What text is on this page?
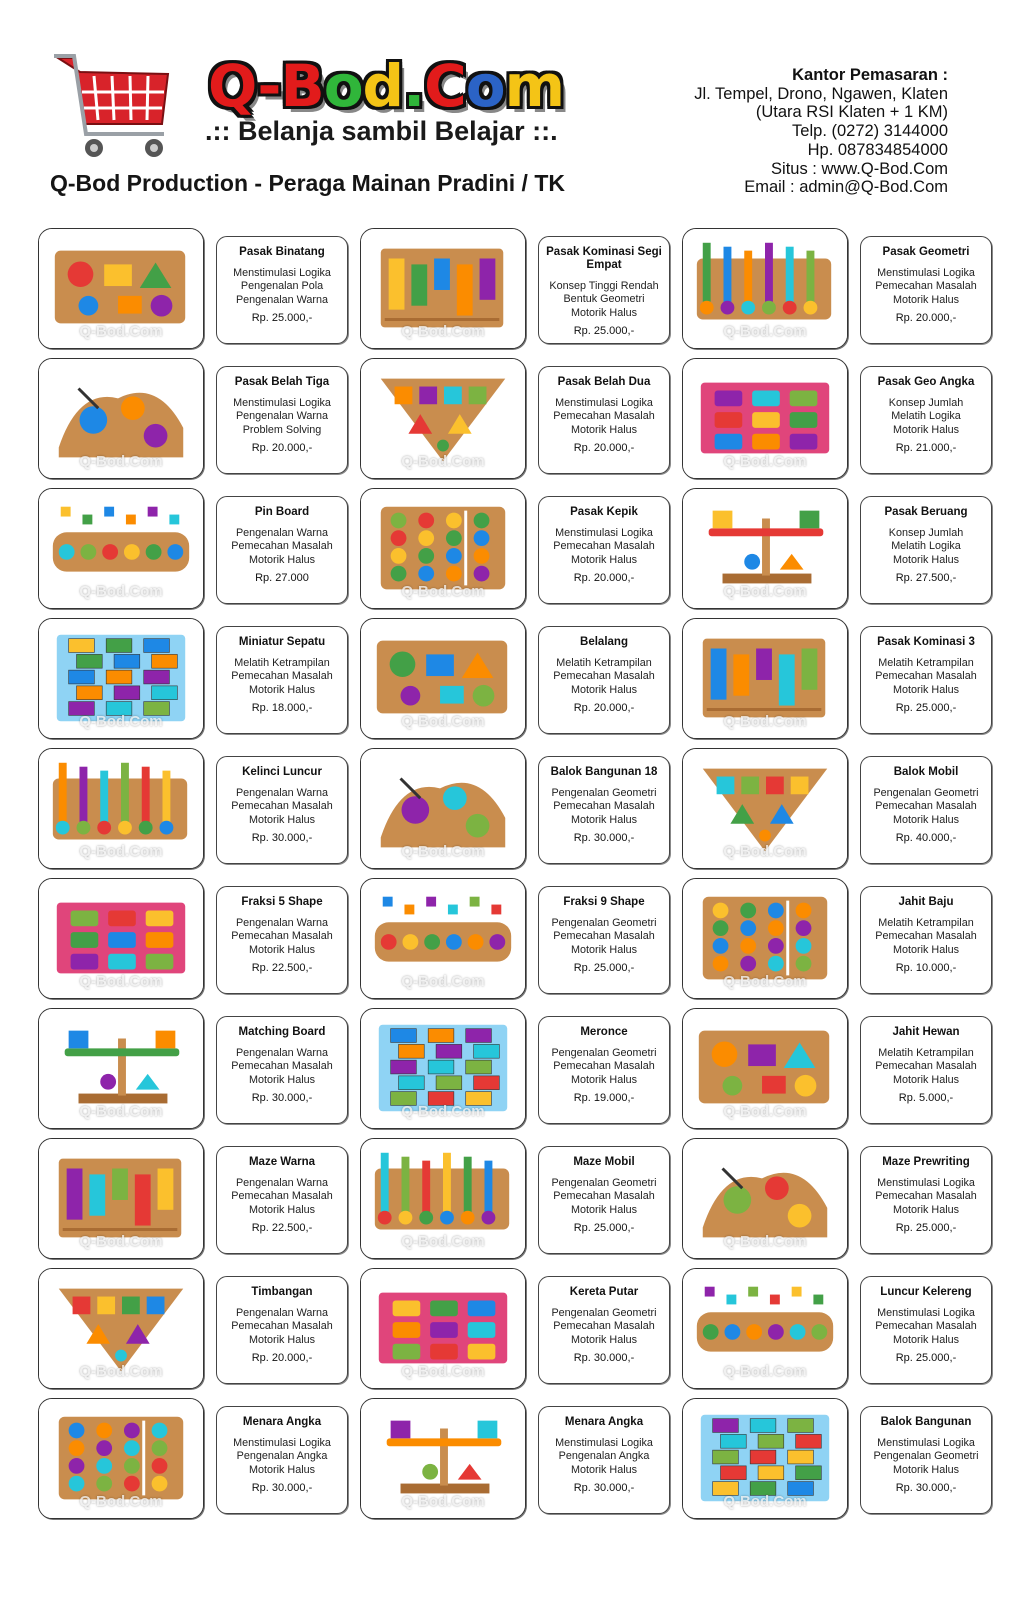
Q-Bod.Com
.:: Belanja sambil Belajar ::.
Q-Bod Production - Peraga Mainan Pradini / TK
Kantor Pemasaran :
Jl. Tempel, Drono, Ngawen, Klaten
(Utara RSI Klaten + 1 KM)
Telp. (0272) 3144000
Hp. 087834854000
Situs : www.Q-Bod.Com
Email : admin@Q-Bod.Com
Q-Bod.Com
Pasak Binatang
Menstimulasi Logika
Pengenalan Pola
Pengenalan Warna
Rp. 25.000,-
Q-Bod.Com
Pasak Kominasi Segi Empat
Konsep Tinggi Rendah
Bentuk Geometri
Motorik Halus
Rp. 25.000,-	Q-Bod.Com
Pasak Geometri
Menstimulasi Logika
Pemecahan Masalah
Motorik Halus
Rp. 20.000,-
Q-Bod.Com
Pasak Belah Tiga
Menstimulasi Logika
Pengenalan Warna
Problem Solving
Rp. 20.000,-
Q-Bod.Com
Pasak Belah Dua
Menstimulasi Logika
Pemecahan Masalah
Motorik Halus
Rp. 20.000,-
Q-Bod.Com
Pasak Geo Angka
Konsep Jumlah
Melatih Logika
Motorik Halus
Rp. 21.000,-
Q-Bod.Com
Pin Board
Pengenalan Warna
Pemecahan Masalah
Motorik Halus
Rp. 27.000
Q-Bod.Com
Pasak Kepik
Menstimulasi Logika
Pemecahan Masalah
Motorik Halus
Rp. 20.000,-
Q-Bod.Com
Pasak Beruang
Konsep Jumlah
Melatih Logika
Motorik Halus
Rp. 27.500,-
Q-Bod.Com
Miniatur Sepatu
Melatih Ketrampilan
Pemecahan Masalah
Motorik Halus
Rp. 18.000,-
Q-Bod.Com
Belalang
Melatih Ketrampilan
Pemecahan Masalah
Motorik Halus
Rp. 20.000,-
Q-Bod.Com
Pasak Kominasi 3
Melatih Ketrampilan
Pemecahan Masalah
Motorik Halus
Rp. 25.000,-
Q-Bod.Com
Kelinci Luncur
Pengenalan Warna
Pemecahan Masalah
Motorik Halus
Rp. 30.000,-
Q-Bod.Com
Balok Bangunan 18
Pengenalan Geometri
Pemecahan Masalah
Motorik Halus
Rp. 30.000,-
Q-Bod.Com
Balok Mobil
Pengenalan Geometri
Pemecahan Masalah
Motorik Halus
Rp. 40.000,-
Q-Bod.Com
Fraksi 5 Shape
Pengenalan Warna
Pemecahan Masalah
Motorik Halus
Rp. 22.500,-
Q-Bod.Com
Fraksi 9 Shape
Pengenalan Geometri
Pemecahan Masalah
Motorik Halus
Rp. 25.000,-
Q-Bod.Com
Jahit Baju
Melatih Ketrampilan
Pemecahan Masalah
Motorik Halus
Rp. 10.000,-
Q-Bod.Com
Matching Board
Pengenalan Warna
Pemecahan Masalah
Motorik Halus
Rp. 30.000,-
Q-Bod.Com
Meronce
Pengenalan Geometri
Pemecahan Masalah
Motorik Halus
Rp. 19.000,-
Q-Bod.Com
Jahit Hewan
Melatih Ketrampilan
Pemecahan Masalah
Motorik Halus
Rp. 5.000,-
Q-Bod.Com
Maze Warna
Pengenalan Warna
Pemecahan Masalah
Motorik Halus
Rp. 22.500,-
Q-Bod.Com
Maze Mobil
Pengenalan Geometri
Pemecahan Masalah
Motorik Halus
Rp. 25.000,-
Q-Bod.Com
Maze Prewriting
Menstimulasi Logika
Pemecahan Masalah
Motorik Halus
Rp. 25.000,-
Q-Bod.Com
Timbangan
Pengenalan Warna
Pemecahan Masalah
Motorik Halus
Rp. 20.000,-
Q-Bod.Com
Kereta Putar
Pengenalan Geometri
Pemecahan Masalah
Motorik Halus
Rp. 30.000,-
Q-Bod.Com
Luncur Kelereng
Menstimulasi Logika
Pemecahan Masalah
Motorik Halus
Rp. 25.000,-
Q-Bod.Com
Menara Angka
Menstimulasi Logika
Pengenalan Angka
Motorik Halus
Rp. 30.000,-
Q-Bod.Com
Menara Angka
Menstimulasi Logika
Pengenalan Angka
Motorik Halus
Rp. 30.000,-
Q-Bod.Com
Balok Bangunan
Menstimulasi Logika
Pengenalan Geometri
Motorik Halus
Rp. 30.000,-
